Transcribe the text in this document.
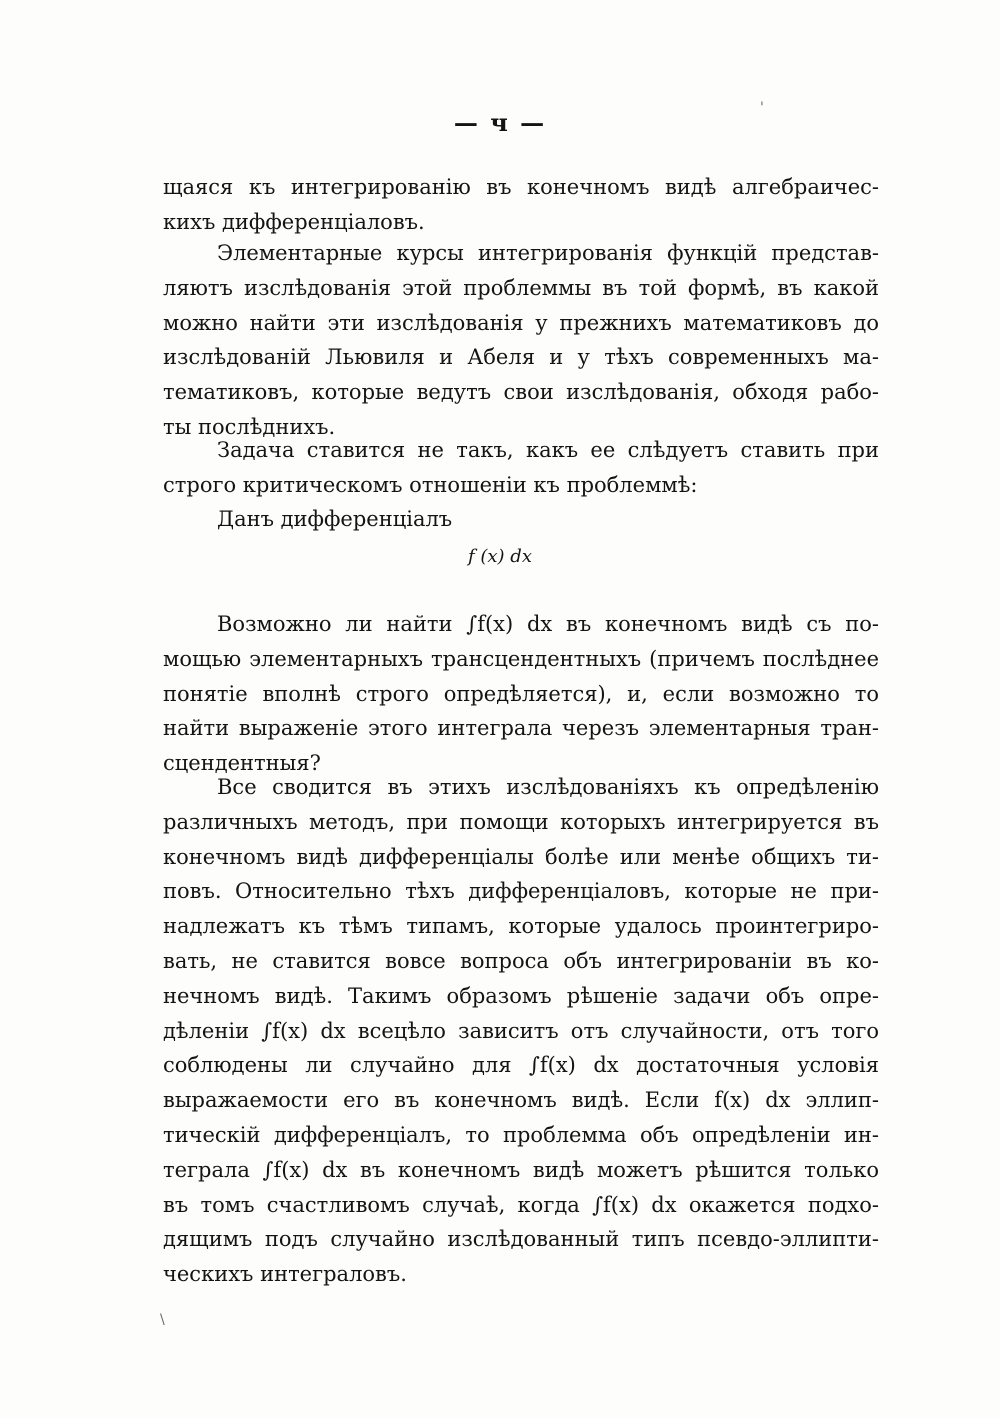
— ч —
щаяся къ интегрированію въ конечномъ видѣ алгебраичес-
кихъ дифференціаловъ.
Элементарные курсы интегрированія функцій представ-
ляютъ изслѣдованія этой проблеммы въ той формѣ, въ какой
можно найти эти изслѣдованія у прежнихъ математиковъ до
изслѣдованій Льювиля и Абеля и у тѣхъ современныхъ ма-
тематиковъ, которые ведутъ свои изслѣдованія, обходя рабо-
ты послѣднихъ.
Задача ставится не такъ, какъ ее слѣдуетъ ставить при
строго критическомъ отношеніи къ проблеммѣ:
Данъ дифференціалъ
f (x) dx
Возможно ли найти ∫f(x) dx въ конечномъ видѣ съ по-
мощью элементарныхъ трансцендентныхъ (причемъ послѣднее
понятіе вполнѣ строго опредѣляется), и, если возможно то
найти выраженіе этого интеграла черезъ элементарныя тран-
сцендентныя?
Все сводится въ этихъ изслѣдованіяхъ къ опредѣленію
различныхъ методъ, при помощи которыхъ интегрируется въ
конечномъ видѣ дифференціалы болѣе или менѣе общихъ ти-
повъ. Относительно тѣхъ дифференціаловъ, которые не при-
надлежатъ къ тѣмъ типамъ, которые удалось проинтегриро-
вать, не ставится вовсе вопроса объ интегрированіи въ ко-
нечномъ видѣ. Такимъ образомъ рѣшеніе задачи объ опре-
дѣленіи ∫f(x) dx всецѣло зависитъ отъ случайности, отъ того
соблюдены ли случайно для ∫f(x) dx достаточныя условія
выражаемости его въ конечномъ видѣ. Если f(x) dx эллип-
тическій дифференціалъ, то проблемма объ опредѣленіи ин-
теграла ∫f(x) dx въ конечномъ видѣ можетъ рѣшится только
въ томъ счастливомъ случаѣ, когда ∫f(x) dx окажется подхо-
дящимъ подъ случайно изслѣдованный типъ псевдо-эллипти-
ческихъ интеграловъ.
'
\
